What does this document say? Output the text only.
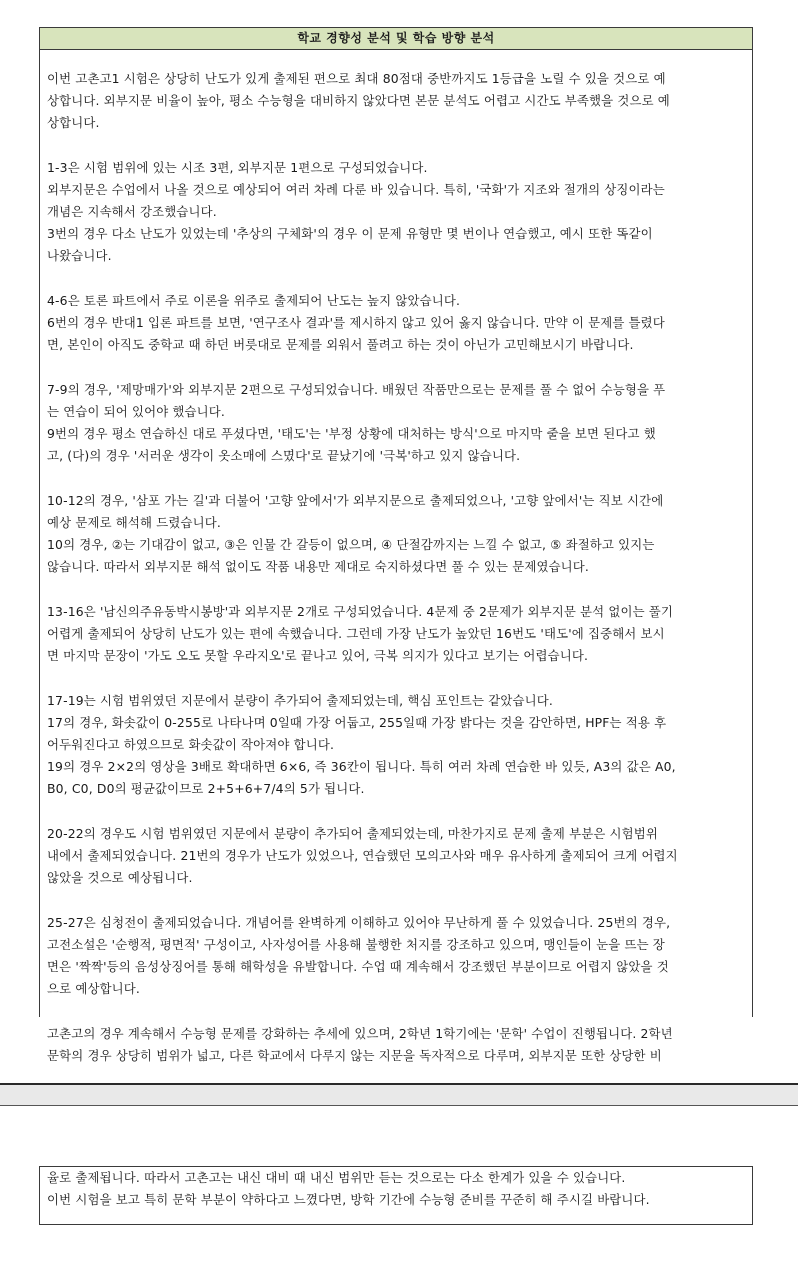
학교 경향성 분석 및 학습 방향 분석
이번 고촌고1 시험은 상당히 난도가 있게 출제된 편으로 최대 80점대 중반까지도 1등급을 노릴 수 있을 것으로 예
상합니다. 외부지문 비율이 높아, 평소 수능형을 대비하지 않았다면 본문 분석도 어렵고 시간도 부족했을 것으로 예
상합니다.
1-3은 시험 범위에 있는 시조 3편, 외부지문 1편으로 구성되었습니다.
외부지문은 수업에서 나올 것으로 예상되어 여러 차례 다룬 바 있습니다. 특히, '국화'가 지조와 절개의 상징이라는
개념은 지속해서 강조했습니다.
3번의 경우 다소 난도가 있었는데 '추상의 구체화'의 경우 이 문제 유형만 몇 번이나 연습했고, 예시 또한 똑같이
나왔습니다.
4-6은 토론 파트에서 주로 이론을 위주로 출제되어 난도는 높지 않았습니다.
6번의 경우 반대1 입론 파트를 보면, '연구조사 결과'를 제시하지 않고 있어 옳지 않습니다. 만약 이 문제를 틀렸다
면, 본인이 아직도 중학교 때 하던 버릇대로 문제를 외워서 풀려고 하는 것이 아닌가 고민해보시기 바랍니다.
7-9의 경우, '제망매가'와 외부지문 2편으로 구성되었습니다. 배웠던 작품만으로는 문제를 풀 수 없어 수능형을 푸
는 연습이 되어 있어야 했습니다.
9번의 경우 평소 연습하신 대로 푸셨다면, '태도'는 '부정 상황에 대처하는 방식'으로 마지막 줄을 보면 된다고 했
고, (다)의 경우 '서러운 생각이 옷소매에 스몄다'로 끝났기에 '극복'하고 있지 않습니다.
10-12의 경우, '삼포 가는 길'과 더불어 '고향 앞에서'가 외부지문으로 출제되었으나, '고향 앞에서'는 직보 시간에
예상 문제로 해석해 드렸습니다.
10의 경우, ②는 기대감이 없고, ③은 인물 간 갈등이 없으며, ④ 단절감까지는 느낄 수 없고, ⑤ 좌절하고 있지는
않습니다. 따라서 외부지문 해석 없이도 작품 내용만 제대로 숙지하셨다면 풀 수 있는 문제였습니다.
13-16은 '남신의주유동박시봉방'과 외부지문 2개로 구성되었습니다. 4문제 중 2문제가 외부지문 분석 없이는 풀기
어렵게 출제되어 상당히 난도가 있는 편에 속했습니다. 그런데 가장 난도가 높았던 16번도 '태도'에 집중해서 보시
면 마지막 문장이 '가도 오도 못할 우라지오'로 끝나고 있어, 극복 의지가 있다고 보기는 어렵습니다.
17-19는 시험 범위였던 지문에서 분량이 추가되어 출제되었는데, 핵심 포인트는 같았습니다.
17의 경우, 화솟값이 0-255로 나타나며 0일때 가장 어둡고, 255일때 가장 밝다는 것을 감안하면, HPF는 적용 후
어두워진다고 하였으므로 화솟값이 작아져야 합니다.
19의 경우 2×2의 영상을 3배로 확대하면 6×6, 즉 36칸이 됩니다. 특히 여러 차례 연습한 바 있듯, A3의 값은 A0,
B0, C0, D0의 평균값이므로 2+5+6+7/4의 5가 됩니다.
20-22의 경우도 시험 범위였던 지문에서 분량이 추가되어 출제되었는데, 마찬가지로 문제 출제 부분은 시험범위
내에서 출제되었습니다. 21번의 경우가 난도가 있었으나, 연습했던 모의고사와 매우 유사하게 출제되어 크게 어렵지
않았을 것으로 예상됩니다.
25-27은 심청전이 출제되었습니다. 개념어를 완벽하게 이해하고 있어야 무난하게 풀 수 있었습니다. 25번의 경우,
고전소설은 '순행적, 평면적' 구성이고, 사자성어를 사용해 불행한 처지를 강조하고 있으며, 맹인들이 눈을 뜨는 장
면은 '짝짝'등의 음성상징어를 통해 해학성을 유발합니다. 수업 때 계속해서 강조했던 부분이므로 어렵지 않았을 것
으로 예상합니다.
고촌고의 경우 계속해서 수능형 문제를 강화하는 추세에 있으며, 2학년 1학기에는 '문학' 수업이 진행됩니다. 2학년
문학의 경우 상당히 범위가 넓고, 다른 학교에서 다루지 않는 지문을 독자적으로 다루며, 외부지문 또한 상당한 비
율로 출제됩니다. 따라서 고촌고는 내신 대비 때 내신 범위만 듣는 것으로는 다소 한계가 있을 수 있습니다.
이번 시험을 보고 특히 문학 부분이 약하다고 느꼈다면, 방학 기간에 수능형 준비를 꾸준히 해 주시길 바랍니다.
